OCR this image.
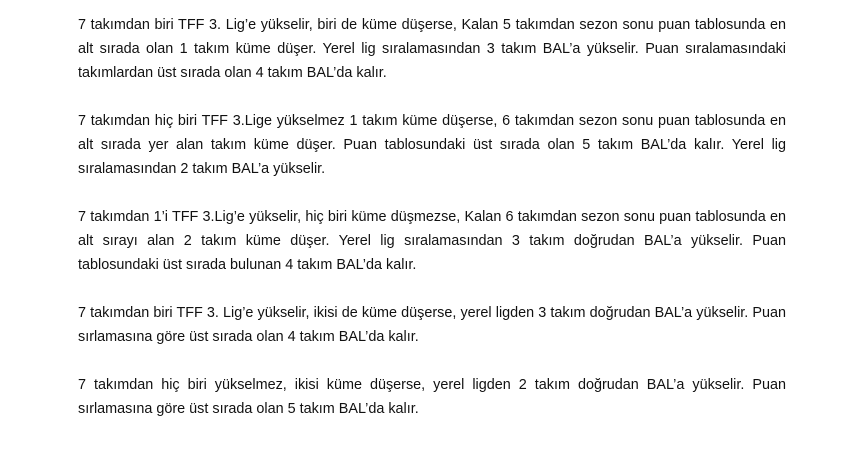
7 takımdan biri TFF 3. Lig’e yükselir, biri de küme düşerse, Kalan 5 takımdan sezon sonu puan tablosunda en alt sırada olan 1 takım küme düşer. Yerel lig sıralamasından 3 takım BAL’a yükselir. Puan sıralamasındaki takımlardan üst sırada olan 4 takım BAL’da kalır.

7 takımdan hiç biri TFF 3.Lige yükselmez 1 takım küme düşerse, 6 takımdan sezon sonu puan tablosunda en alt sırada yer alan takım küme düşer. Puan tablosundaki üst sırada olan 5 takım BAL’da kalır. Yerel lig sıralamasından 2 takım BAL’a yükselir.

7 takımdan 1’i TFF 3.Lig’e yükselir, hiç biri küme düşmezse, Kalan 6 takımdan sezon sonu puan tablosunda en alt sırayı alan 2 takım küme düşer. Yerel lig sıralamasından 3 takım doğrudan BAL’a yükselir. Puan tablosundaki üst sırada bulunan 4 takım BAL’da kalır.

7 takımdan biri TFF 3. Lig’e yükselir, ikisi de küme düşerse, yerel ligden 3 takım doğrudan BAL’a yükselir. Puan sırlamasına göre üst sırada olan 4 takım BAL’da kalır.

7 takımdan hiç biri yükselmez, ikisi küme düşerse, yerel ligden 2 takım doğrudan BAL’a yükselir. Puan sırlamasına göre üst sırada olan 5 takım BAL’da kalır.
